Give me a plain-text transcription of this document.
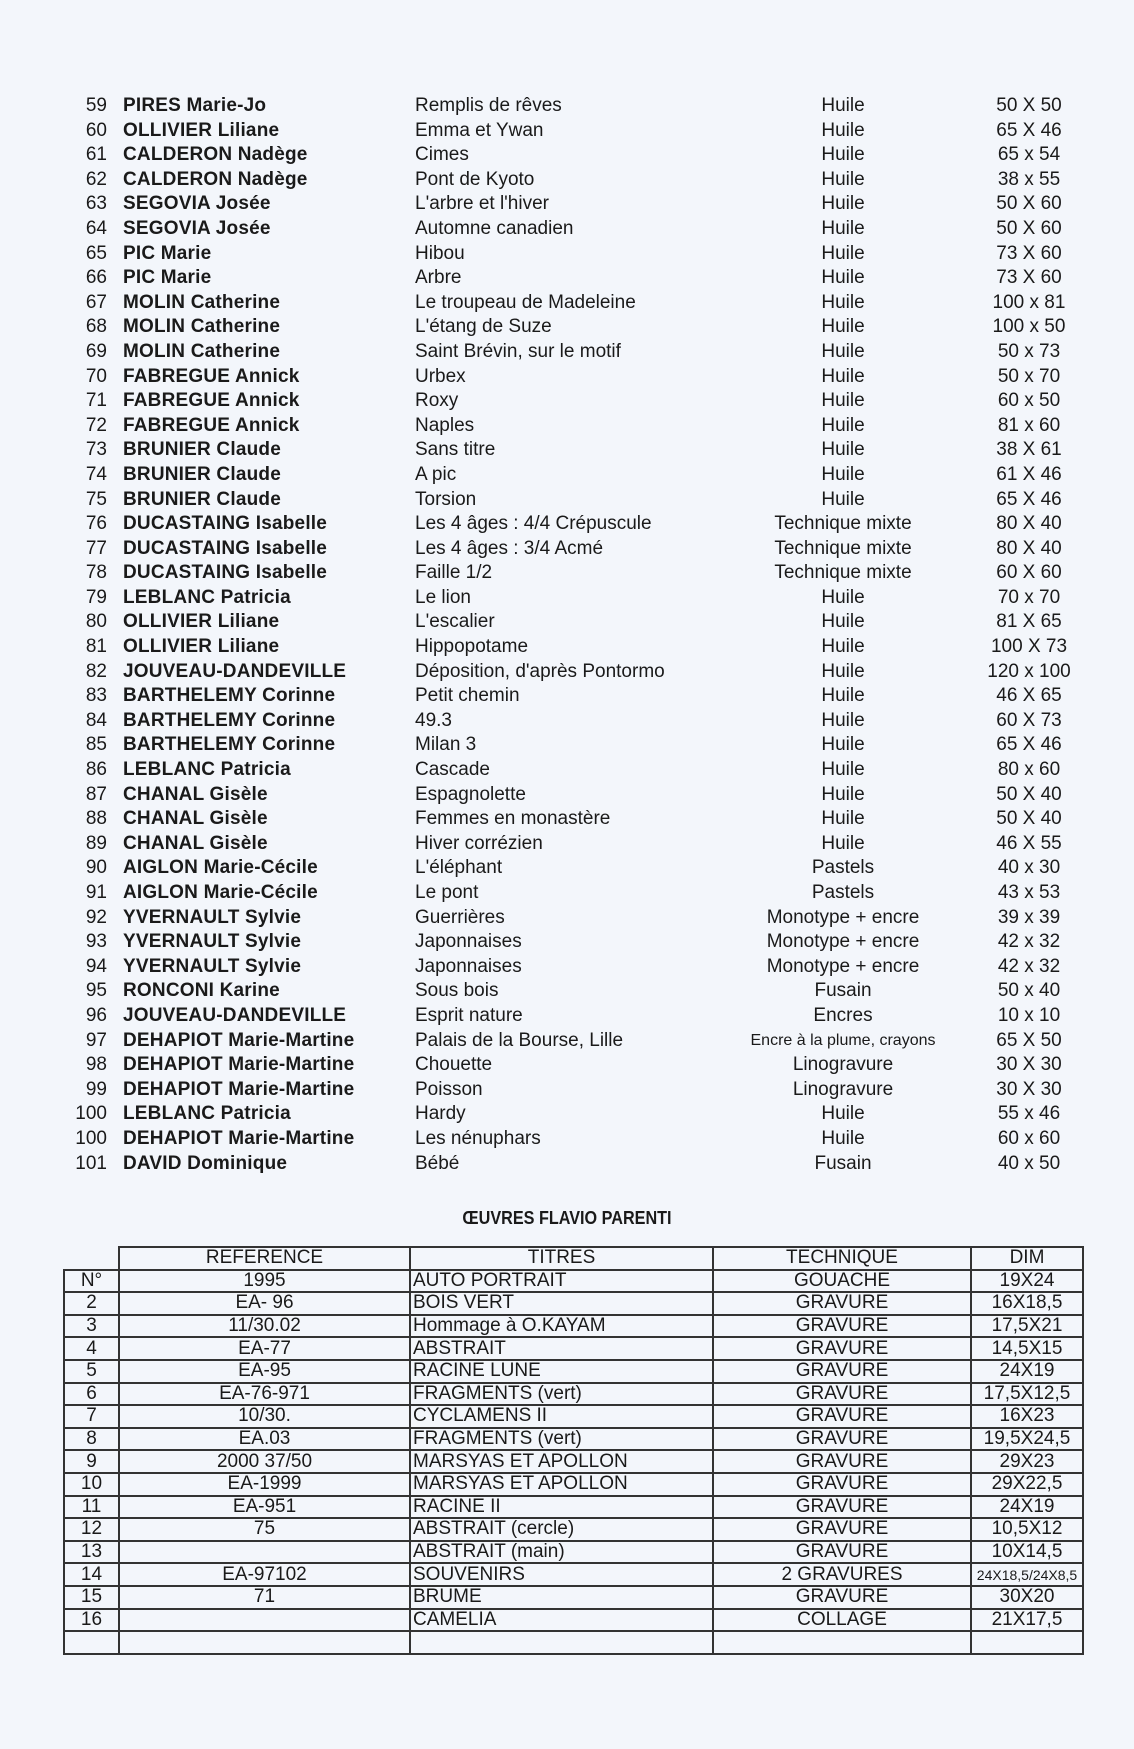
59 PIRES Marie-Jo	Remplis de rêves	Huile	50 X 50
60 OLLIVIER Liliane	Emma et Ywan	Huile	65 X 46
61 CALDERON Nadège	Cimes	Huile	65 x 54
62 CALDERON Nadège	Pont de Kyoto	Huile	38 x 55
63 SEGOVIA Josée	L'arbre et l'hiver	Huile	50 X 60
64 SEGOVIA Josée	Automne canadien	Huile	50 X 60
65 PIC Marie	Hibou	Huile	73 X 60
66 PIC Marie	Arbre	Huile	73 X 60
67 MOLIN Catherine	Le troupeau de Madeleine	Huile	100 x 81
68 MOLIN Catherine	L'étang de Suze	Huile	100 x 50
69 MOLIN Catherine	Saint Brévin, sur le motif	Huile	50 x 73
70 FABREGUE Annick	Urbex	Huile	50 x 70
71 FABREGUE Annick	Roxy	Huile	60 x 50
72 FABREGUE Annick	Naples	Huile	81 x 60
73 BRUNIER Claude	Sans titre	Huile	38 X 61
74 BRUNIER Claude	A pic	Huile	61 X 46
75 BRUNIER Claude	Torsion	Huile	65 X 46
76 DUCASTAING Isabelle	Les 4 âges : 4/4 Crépuscule	Technique mixte	80 X 40
77 DUCASTAING Isabelle	Les 4 âges : 3/4 Acmé	Technique mixte	80 X 40
78 DUCASTAING Isabelle	Faille 1/2	Technique mixte	60 X 60
79 LEBLANC Patricia	Le lion	Huile	70 x 70
80 OLLIVIER Liliane	L'escalier	Huile	81 X 65
81 OLLIVIER Liliane	Hippopotame	Huile	100 X 73
82 JOUVEAU-DANDEVILLE	Déposition, d'après Pontormo	Huile	120 x 100
83 BARTHELEMY Corinne	Petit chemin	Huile	46 X 65
84 BARTHELEMY Corinne	49.3	Huile	60 X 73
85 BARTHELEMY Corinne	Milan 3	Huile	65 X 46
86 LEBLANC Patricia	Cascade	Huile	80 x 60
87 CHANAL Gisèle	Espagnolette	Huile	50 X 40
88 CHANAL Gisèle	Femmes en monastère	Huile	50 X 40
89 CHANAL Gisèle	Hiver corrézien	Huile	46 X 55
90 AIGLON Marie-Cécile	L'éléphant	Pastels	40 x 30
91 AIGLON Marie-Cécile	Le pont	Pastels	43 x 53
92 YVERNAULT Sylvie	Guerrières	Monotype + encre	39 x 39
93 YVERNAULT Sylvie	Japonnaises	Monotype + encre	42 x 32
94 YVERNAULT Sylvie	Japonnaises	Monotype + encre	42 x 32
95 RONCONI Karine	Sous bois	Fusain	50 x 40
96 JOUVEAU-DANDEVILLE	Esprit nature	Encres	10 x 10
97 DEHAPIOT Marie-Martine	Palais de la Bourse, Lille	Encre à la plume, crayons	65 X 50
98 DEHAPIOT Marie-Martine	Chouette	Linogravure	30 X 30
99 DEHAPIOT Marie-Martine	Poisson	Linogravure	30 X 30
100 LEBLANC Patricia	Hardy	Huile	55 x 46
100 DEHAPIOT Marie-Martine	Les nénuphars	Huile	60 x 60
101 DAVID Dominique	Bébé	Fusain	40 x 50
ŒUVRES FLAVIO PARENTI
	REFERENCE	TITRES	TECHNIQUE	DIM
N°	1995	AUTO PORTRAIT	GOUACHE	19X24
2	EA- 96	BOIS VERT	GRAVURE	16X18,5
3	11/30.02	Hommage à O.KAYAM	GRAVURE	17,5X21
4	EA-77	ABSTRAIT	GRAVURE	14,5X15
5	EA-95	RACINE LUNE	GRAVURE	24X19
6	EA-76-971	FRAGMENTS (vert)	GRAVURE	17,5X12,5
7	10/30.	CYCLAMENS II	GRAVURE	16X23
8	EA.03	FRAGMENTS (vert)	GRAVURE	19,5X24,5
9	2000 37/50	MARSYAS ET APOLLON	GRAVURE	29X23
10	EA-1999	MARSYAS ET APOLLON	GRAVURE	29X22,5
11	EA-951	RACINE II	GRAVURE	24X19
12	75	ABSTRAIT (cercle)	GRAVURE	10,5X12
13		ABSTRAIT (main)	GRAVURE	10X14,5
14	EA-97102	SOUVENIRS	2 GRAVURES	24X18,5/24X8,5
15	71	BRUME	GRAVURE	30X20
16		CAMELIA	COLLAGE	21X17,5
